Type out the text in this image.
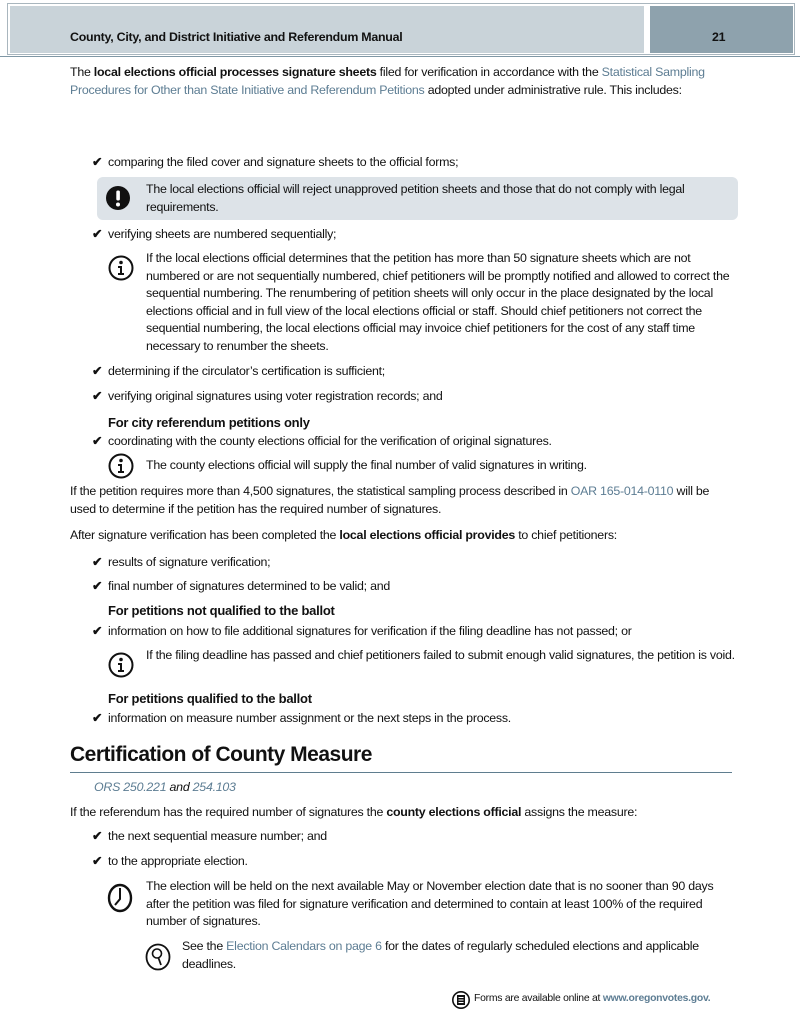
County, City, and District Initiative and Referendum Manual	21
The local elections official processes signature sheets filed for verification in accordance with the Statistical Sampling Procedures for Other than State Initiative and Referendum Petitions adopted under administrative rule. This includes:
✔ comparing the filed cover and signature sheets to the official forms;
The local elections official will reject unapproved petition sheets and those that do not comply with legal requirements.
✔ verifying sheets are numbered sequentially;
If the local elections official determines that the petition has more than 50 signature sheets which are not numbered or are not sequentially numbered, chief petitioners will be promptly notified and allowed to correct the sequential numbering. The renumbering of petition sheets will only occur in the place designated by the local elections official and in full view of the local elections official or staff. Should chief petitioners not correct the sequential numbering, the local elections official may invoice chief petitioners for the cost of any staff time necessary to renumber the sheets.
✔ determining if the circulator’s certification is sufficient;
✔ verifying original signatures using voter registration records; and
For city referendum petitions only
✔ coordinating with the county elections official for the verification of original signatures.
The county elections official will supply the final number of valid signatures in writing.
If the petition requires more than 4,500 signatures, the statistical sampling process described in OAR 165-014-0110 will be used to determine if the petition has the required number of signatures.
After signature verification has been completed the local elections official provides to chief petitioners:
✔ results of signature verification;
✔ final number of signatures determined to be valid; and
For petitions not qualified to the ballot
✔ information on how to file additional signatures for verification if the filing deadline has not passed; or
If the filing deadline has passed and chief petitioners failed to submit enough valid signatures, the petition is void.
For petitions qualified to the ballot
✔ information on measure number assignment or the next steps in the process.
Certification of County Measure
ORS 250.221 and 254.103
If the referendum has the required number of signatures the county elections official assigns the measure:
✔ the next sequential measure number; and
✔ to the appropriate election.
The election will be held on the next available May or November election date that is no sooner than 90 days after the petition was filed for signature verification and determined to contain at least 100% of the required number of signatures.
See the Election Calendars on page 6 for the dates of regularly scheduled elections and applicable deadlines.
Forms are available online at www.oregonvotes.gov.
